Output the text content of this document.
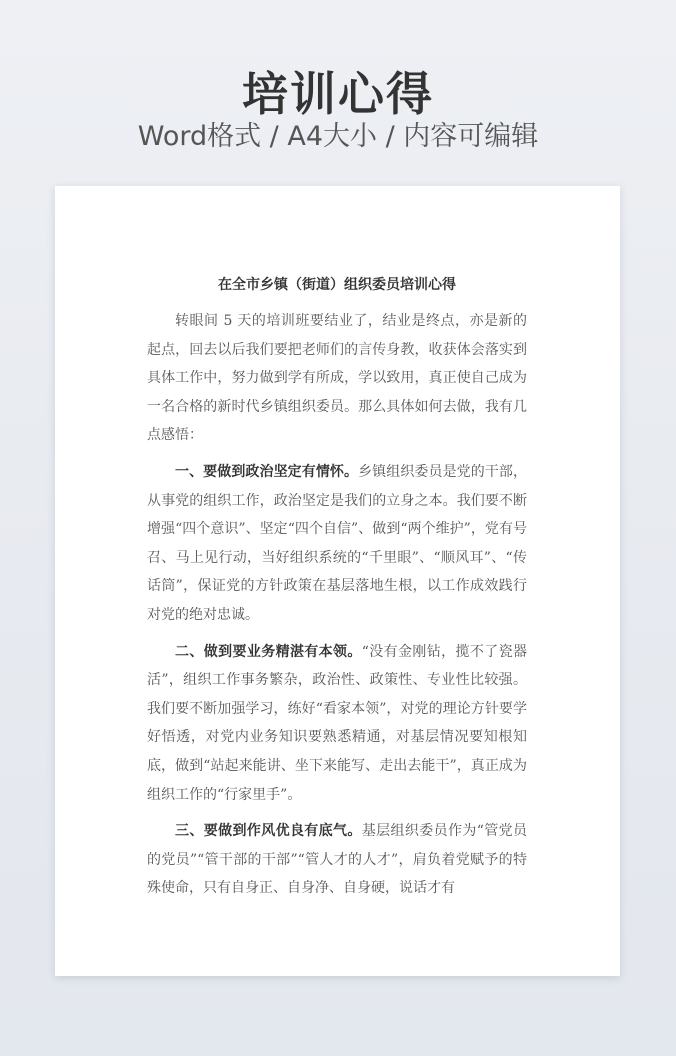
培训心得
Word格式 / A4大小 / 内容可编辑
在全市乡镇（街道）组织委员培训心得

转眼间 5 天的培训班要结业了，结业是终点，亦是新的起点，回去以后我们要把老师们的言传身教，收获体会落实到具体工作中，努力做到学有所成，学以致用，真正使自己成为一名合格的新时代乡镇组织委员。那么具体如何去做，我有几点感悟：

一、要做到政治坚定有情怀。乡镇组织委员是党的干部，从事党的组织工作，政治坚定是我们的立身之本。我们要不断增强“四个意识”、坚定“四个自信”、做到“两个维护”，党有号召、马上见行动，当好组织系统的“千里眼”、“顺风耳”、“传话筒”，保证党的方针政策在基层落地生根，以工作成效践行对党的绝对忠诚。

二、做到要业务精湛有本领。“没有金刚钻，揽不了瓷器活”，组织工作事务繁杂，政治性、政策性、专业性比较强。我们要不断加强学习，练好“看家本领”，对党的理论方针要学好悟透，对党内业务知识要熟悉精通，对基层情况要知根知底，做到“站起来能讲、坐下来能写、走出去能干”，真正成为组织工作的“行家里手”。

三、要做到作风优良有底气。基层组织委员作为“管党员的党员”“管干部的干部”“管人才的人才”，肩负着党赋予的特殊使命，只有自身正、自身净、自身硬，说话才有
